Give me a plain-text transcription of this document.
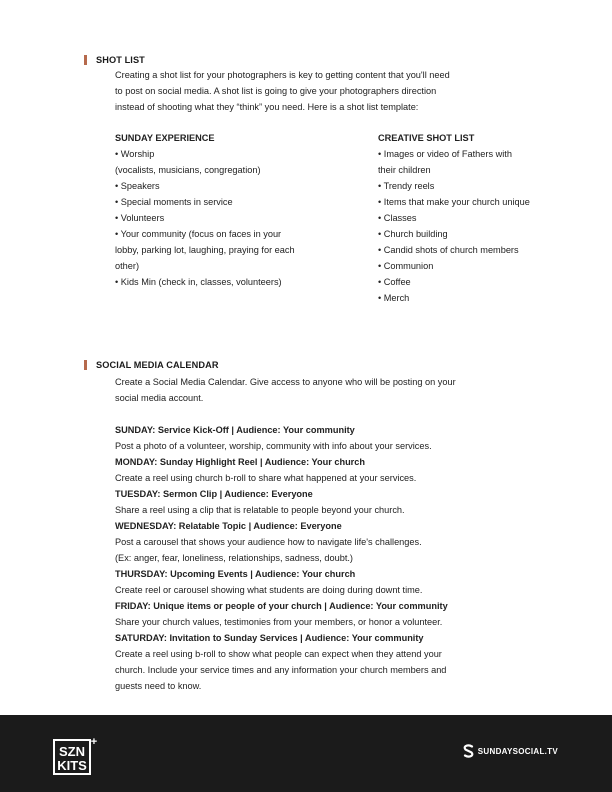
SHOT LIST
Creating a shot list for your photographers is key to getting content that you'll need
to post on social media. A shot list is going to give your photographers direction
instead of shooting what they “think” you need. Here is a shot list template:
SUNDAY EXPERIENCE
• Worship
(vocalists, musicians, congregation)
• Speakers
• Special moments in service
• Volunteers
• Your community (focus on faces in your
lobby, parking lot, laughing, praying for each
other)
• Kids Min (check in, classes, volunteers)
CREATIVE SHOT LIST
• Images or video of Fathers with
their children
• Trendy reels
• Items that make your church unique
• Classes
• Church building
• Candid shots of church members
• Communion
• Coffee
• Merch
SOCIAL MEDIA CALENDAR
Create a Social Media Calendar. Give access to anyone who will be posting on your
social media account.
SUNDAY: Service Kick-Off | Audience: Your community
Post a photo of a volunteer, worship, community with info about your services.
MONDAY: Sunday Highlight Reel | Audience: Your church
Create a reel using church b-roll to share what happened at your services.
TUESDAY: Sermon Clip | Audience: Everyone
Share a reel using a clip that is relatable to people beyond your church.
WEDNESDAY: Relatable Topic | Audience: Everyone
Post a carousel that shows your audience how to navigate life's challenges.
(Ex: anger, fear, loneliness, relationships, sadness, doubt.)
THURSDAY: Upcoming Events | Audience: Your church
Create reel or carousel showing what students are doing during downt time.
FRIDAY: Unique items or people of your church | Audience: Your community
Share your church values, testimonies from your members, or honor a volunteer.
SATURDAY: Invitation to Sunday Services | Audience: Your community
Create a reel using b-roll to show what people can expect when they attend your
church. Include your service times and any information your church members and
guests need to know.
SZN
KITS
+
SUNDAYSOCIAL.TV
